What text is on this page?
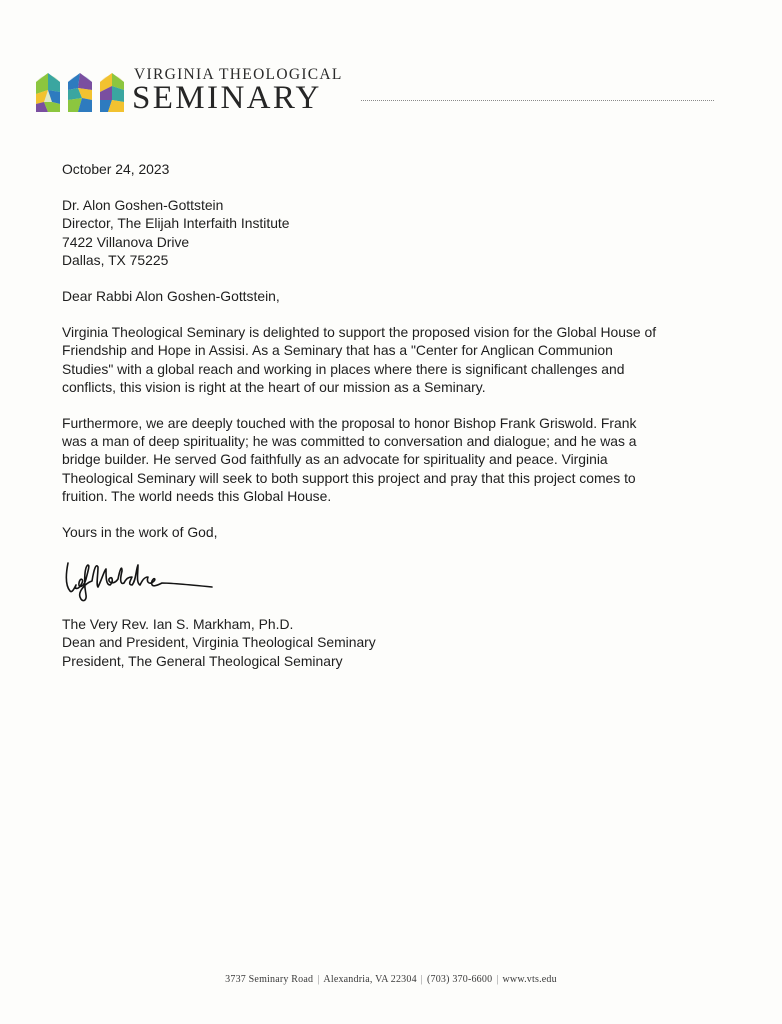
VIRGINIA THEOLOGICAL
SEMINARY

October 24, 2023

Dr. Alon Goshen-Gottstein

Director, The Elijah Interfaith Institute

7422 Villanova Drive

Dallas, TX 75225

Dear Rabbi Alon Goshen-Gottstein,

Virginia Theological Seminary is delighted to support the proposed vision for the Global House of

Friendship and Hope in Assisi. As a Seminary that has a "Center for Anglican Communion

Studies" with a global reach and working in places where there is significant challenges and

conflicts, this vision is right at the heart of our mission as a Seminary.

Furthermore, we are deeply touched with the proposal to honor Bishop Frank Griswold. Frank

was a man of deep spirituality; he was committed to conversation and dialogue; and he was a

bridge builder. He served God faithfully as an advocate for spirituality and peace. Virginia

Theological Seminary will seek to both support this project and pray that this project comes to

fruition. The world needs this Global House.

Yours in the work of God,

The Very Rev. Ian S. Markham, Ph.D.

Dean and President, Virginia Theological Seminary

President, The General Theological Seminary

3737 Seminary Road | Alexandria, VA 22304 | (703) 370-6600 | www.vts.edu
